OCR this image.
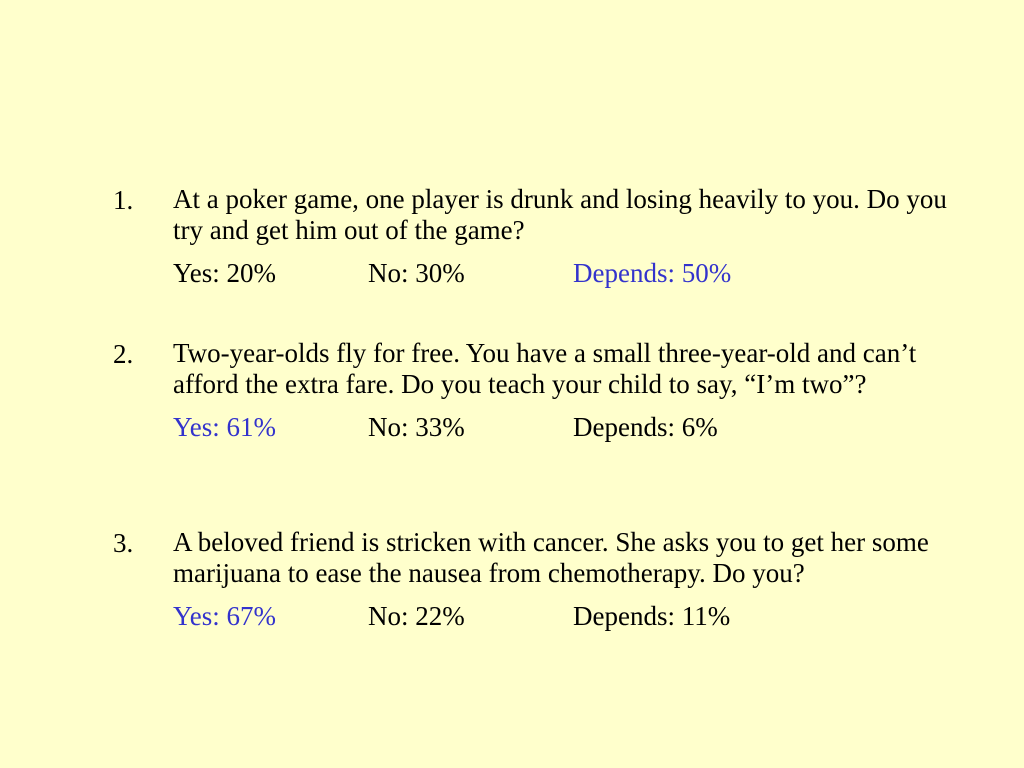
1.	At a poker game, one player is drunk and losing heavily to you. Do you try and get him out of the game?
Yes: 20%	No: 30%	Depends: 50%
2.	Two-year-olds fly for free. You have a small three-year-old and can’t afford the extra fare. Do you teach your child to say, “I’m two”?
Yes: 61%	No: 33%	Depends: 6%
3.	A beloved friend is stricken with cancer. She asks you to get her some marijuana to ease the nausea from chemotherapy. Do you?
Yes: 67%	No: 22%	Depends: 11%
